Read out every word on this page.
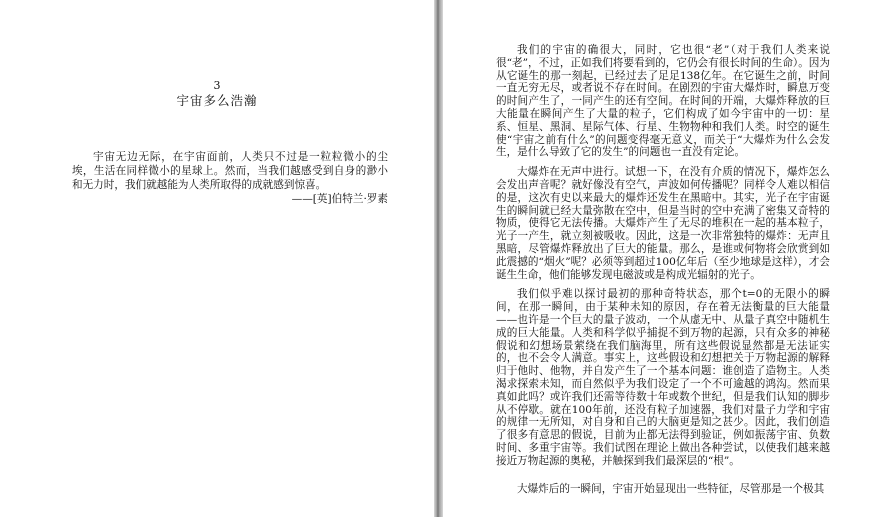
3
宇宙多么浩瀚

宇宙无边无际，在宇宙面前，人类只不过是一粒粒微小的尘埃，生活在同样微小的星球上。然而，当我们越感受到自身的渺小和无力时，我们就越能为人类所取得的成就感到惊喜。

——[英]伯特兰·罗素

我们的宇宙的确很大，同时，它也很“老”（对于我们人类来说很“老”，不过，正如我们将要看到的，它仍会有很长时间的生命）。因为从它诞生的那一刻起，已经过去了足足138亿年。在它诞生之前，时间一直无穷无尽，或者说不存在时间。在剧烈的宇宙大爆炸时，瞬息万变的时间产生了，一同产生的还有空间。在时间的开端，大爆炸释放的巨大能量在瞬间产生了大量的粒子，它们构成了如今宇宙中的一切：星系、恒星、黑洞、星际气体、行星、生物物种和我们人类。时空的诞生使“宇宙之前有什么”的问题变得毫无意义，而关于“大爆炸为什么会发生，是什么导致了它的发生”的问题也一直没有定论。

大爆炸在无声中进行。试想一下，在没有介质的情况下，爆炸怎么会发出声音呢？就好像没有空气，声波如何传播呢？同样令人难以相信的是，这次有史以来最大的爆炸还发生在黑暗中。其实，光子在宇宙诞生的瞬间就已经大量弥散在空中，但是当时的空中充满了密集又奇特的物质，使得它无法传播。大爆炸产生了无尽的堆积在一起的基本粒子，光子一产生，就立刻被吸收。因此，这是一次非常独特的爆炸：无声且黑暗，尽管爆炸释放出了巨大的能量。那么，是谁或何物将会欣赏到如此震撼的“烟火”呢？必须等到超过100亿年后（至少地球是这样），才会诞生生命，他们能够发现电磁波或是构成光辐射的光子。

我们似乎难以探讨最初的那种奇特状态，那个t=0的无限小的瞬间，在那一瞬间，由于某种未知的原因，存在着无法衡量的巨大能量——也许是一个巨大的量子波动，一个从虚无中、从量子真空中随机生成的巨大能量。人类和科学似乎捕捉不到万物的起源，只有众多的神秘假说和幻想场景萦绕在我们脑海里，所有这些假说显然都是无法证实的，也不会令人满意。事实上，这些假设和幻想把关于万物起源的解释归于他时、他物，并自发产生了一个基本问题：谁创造了造物主。人类渴求探索未知，而自然似乎为我们设定了一个不可逾越的鸿沟。然而果真如此吗？或许我们还需等待数十年或数个世纪，但是我们认知的脚步从不停歇。就在100年前，还没有粒子加速器，我们对量子力学和宇宙的规律一无所知，对自身和自己的大脑更是知之甚少。因此，我们创造了很多有意思的假说，目前为止都无法得到验证，例如振荡宇宙、负数时间、多重宇宙等。我们试图在理论上做出各种尝试，以使我们越来越接近万物起源的奥秘，并触探到我们最深层的“根”。

大爆炸后的一瞬间，宇宙开始显现出一些特征，尽管那是一个极其
